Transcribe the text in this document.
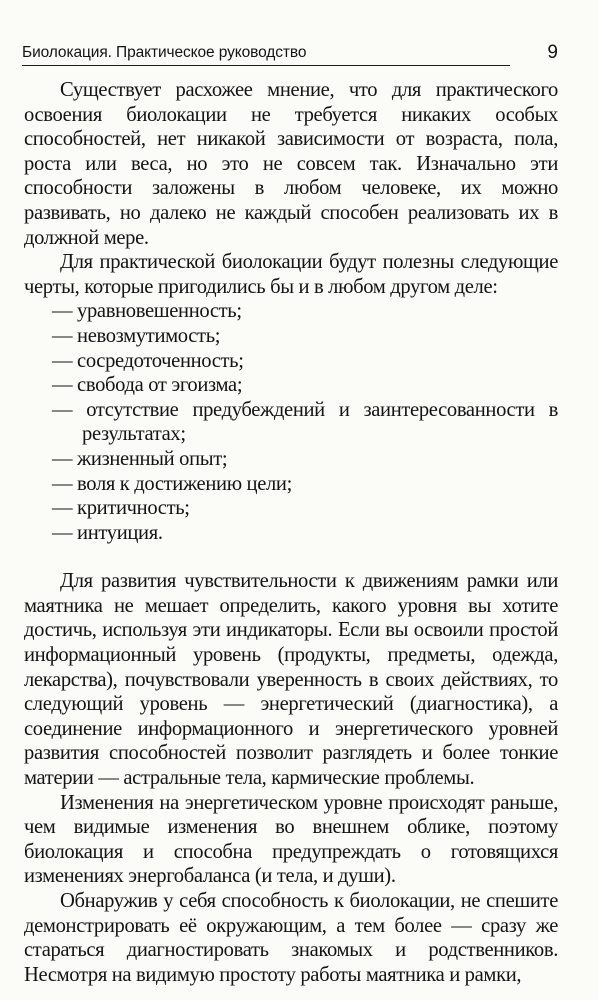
Биолокация. Практическое руководство	9

Существует расхожее мнение, что для практического освоения биолокации не требуется никаких особых способностей, нет никакой зависимости от возраста, пола, роста или веса, но это не совсем так. Изначально эти способности заложены в любом человеке, их можно развивать, но далеко не каждый способен реализовать их в должной мере.

Для практической биолокации будут полезны следующие черты, которые пригодились бы и в любом другом деле:

— уравновешенность;
— невозмутимость;
— сосредоточенность;
— свобода от эгоизма;
— отсутствие предубеждений и заинтересованности в результатах;
— жизненный опыт;
— воля к достижению цели;
— критичность;
— интуиция.

Для развития чувствительности к движениям рамки или маятника не мешает определить, какого уровня вы хотите достичь, используя эти индикаторы. Если вы освоили простой информационный уровень (продукты, предметы, одежда, лекарства), почувствовали уверенность в своих действиях, то следующий уровень — энергетический (диагностика), а соединение информационного и энергетического уровней развития способностей позволит разглядеть и более тонкие материи — астральные тела, кармические проблемы.

Изменения на энергетическом уровне происходят раньше, чем видимые изменения во внешнем облике, поэтому биолокация и способна предупреждать о готовящихся изменениях энергобаланса (и тела, и души).

Обнаружив у себя способность к биолокации, не спешите демонстрировать её окружающим, а тем более — сразу же стараться диагностировать знакомых и родственников. Несмотря на видимую простоту работы маятника и рамки,
